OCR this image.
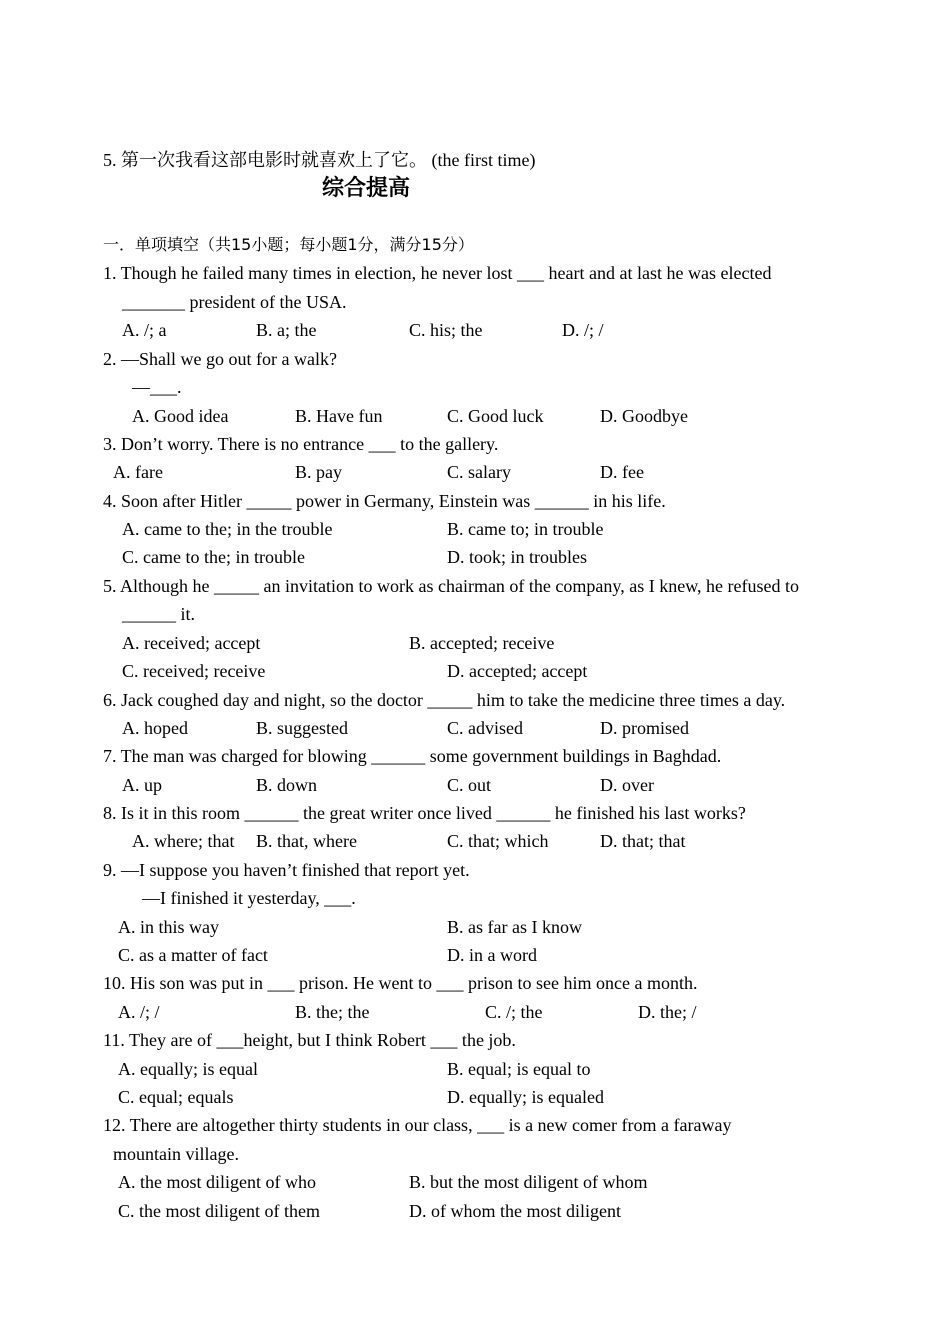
5. 第一次我看这部电影时就喜欢上了它。 (the first time)
综合提高
一．单项填空（共15小题；每小题1分，满分15分）
1. Though he failed many times in election, he never lost ___ heart and at last he was elected
_______ president of the USA.
A. /; a	B. a; the	C. his; the	D. /; /
2. —Shall we go out for a walk?
—___.
A. Good idea	B. Have fun	C. Good luck	D. Goodbye
3. Don’t worry. There is no entrance ___ to the gallery.
A. fare	B. pay	C. salary	D. fee
4. Soon after Hitler _____ power in Germany, Einstein was ______ in his life.
A. came to the; in the trouble	B. came to; in trouble
C. came to the; in trouble	D. took; in troubles
5. Although he _____ an invitation to work as chairman of the company, as I knew, he refused to
______ it.
A. received; accept	B. accepted; receive
C. received; receive	D. accepted; accept
6. Jack coughed day and night, so the doctor _____ him to take the medicine three times a day.
A. hoped	B. suggested	C. advised	D. promised
7. The man was charged for blowing ______ some government buildings in Baghdad.
A. up	B. down	C. out	D. over
8. Is it in this room ______ the great writer once lived ______ he finished his last works?
A. where; that B. that, where	C. that; which	D. that; that
9. —I suppose you haven’t finished that report yet.
—I finished it yesterday, ___.
A. in this way	B. as far as I know
C. as a matter of fact	D. in a word
10. His son was put in ___ prison. He went to ___ prison to see him once a month.
A. /; /	B. the; the	C. /; the	D. the; /
11. They are of ___height, but I think Robert ___ the job.
A. equally; is equal	B. equal; is equal to
C. equal; equals	D. equally; is equaled
12. There are altogether thirty students in our class, ___ is a new comer from a faraway
mountain village.
A. the most diligent of who	B. but the most diligent of whom
C. the most diligent of them	D. of whom the most diligent
